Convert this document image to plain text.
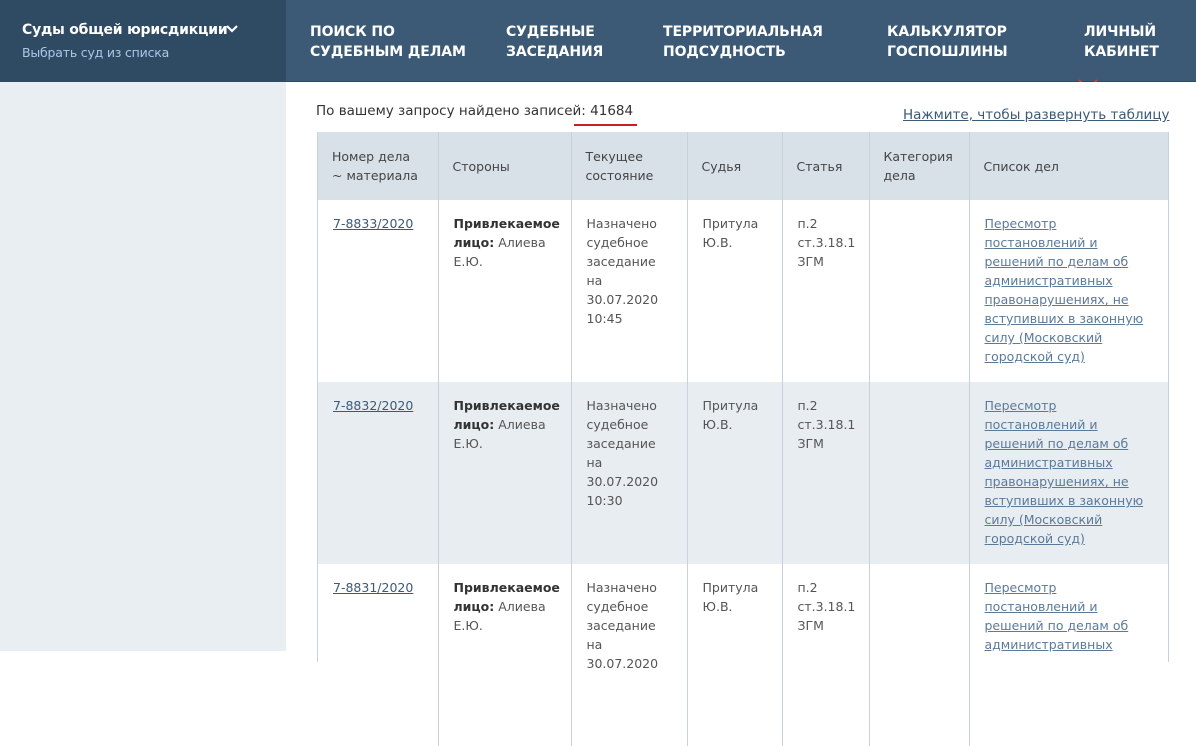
Суды общей юрисдикции
Выбрать суд из списка
ПОИСК ПО
СУДЕБНЫМ ДЕЛАМ
СУДЕБНЫЕ
ЗАСЕДАНИЯ
ТЕРРИТОРИАЛЬНАЯ
ПОДСУДНОСТЬ
КАЛЬКУЛЯТОР
ГОСПОШЛИНЫ
ЛИЧНЫЙ
КАБИНЕТ
По вашему запросу найдено записей: 41684	Нажмите, чтобы развернуть таблицу
Номер дела ~ материала	Стороны	Текущее состояние	Судья	Статья	Категория дела	Список дел
7-8833/2020	Привлекаемое лицо: Алиева Е.Ю.	Назначено судебное заседание на 30.07.2020 10:45	Притула Ю.В.	п.2 ст.3.18.1 ЗГМ		Пересмотр постановлений и решений по делам об административных правонарушениях, не вступивших в законную силу (Московский городской суд)
7-8832/2020	Привлекаемое лицо: Алиева Е.Ю.	Назначено судебное заседание на 30.07.2020 10:30	Притула Ю.В.	п.2 ст.3.18.1 ЗГМ		Пересмотр постановлений и решений по делам об административных правонарушениях, не вступивших в законную силу (Московский городской суд)
7-8831/2020	Привлекаемое лицо: Алиева Е.Ю.	Назначено судебное заседание на 30.07.2020	Притула Ю.В.	п.2 ст.3.18.1 ЗГМ		Пересмотр постановлений и решений по делам об административных
